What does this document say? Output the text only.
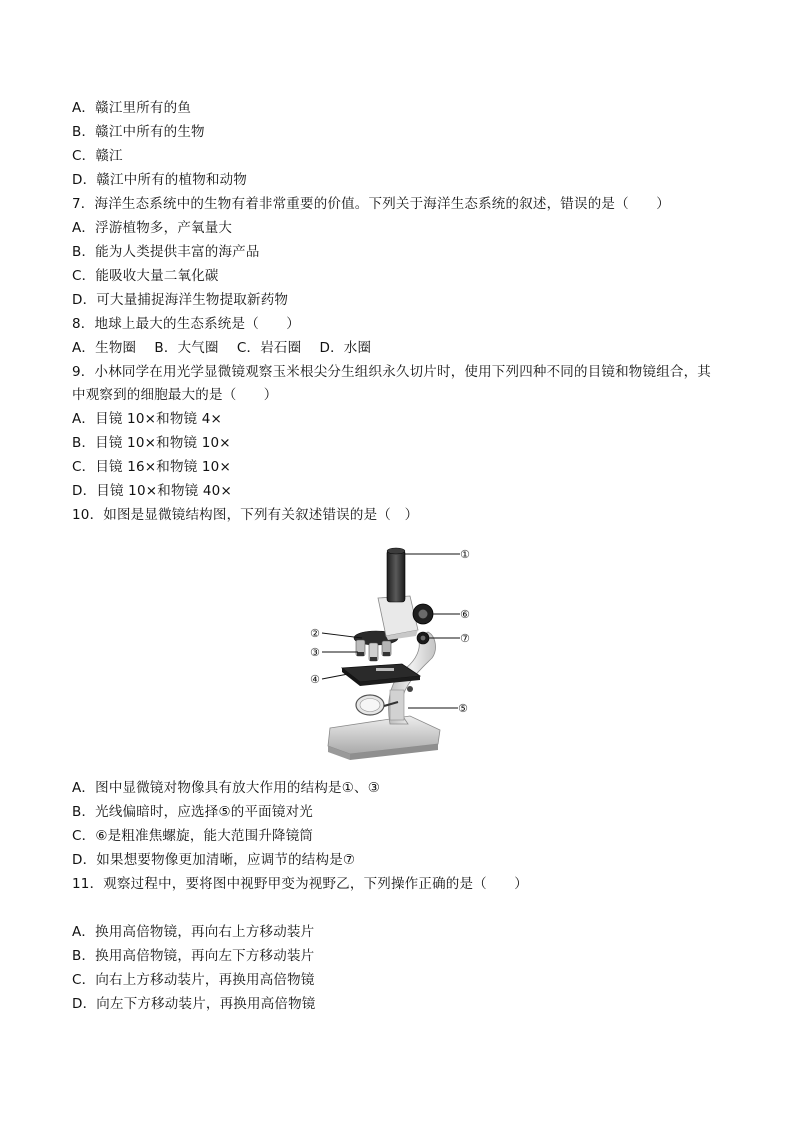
A．赣江里所有的鱼
B．赣江中所有的生物
C．赣江
D．赣江中所有的植物和动物
7．海洋生态系统中的生物有着非常重要的价值。下列关于海洋生态系统的叙述，错误的是（　　）
A．浮游植物多，产氧量大
B．能为人类提供丰富的海产品
C．能吸收大量二氧化碳
D．可大量捕捉海洋生物提取新药物
8．地球上最大的生态系统是（　　）
A．生物圈　 B．大气圈　 C．岩石圈　 D．水圈
9．小林同学在用光学显微镜观察玉米根尖分生组织永久切片时，使用下列四种不同的目镜和物镜组合，其
中观察到的细胞最大的是（　　）
A．目镜 10×和物镜 4×
B．目镜 10×和物镜 10×
C．目镜 16×和物镜 10×
D．目镜 10×和物镜 40×
10．如图是显微镜结构图，下列有关叙述错误的是（　）
①
②
③
④
⑤
⑥
⑦
A．图中显微镜对物像具有放大作用的结构是①、③
B．光线偏暗时，应选择⑤的平面镜对光
C．⑥是粗准焦螺旋，能大范围升降镜筒
D．如果想要物像更加清晰，应调节的结构是⑦
11．观察过程中，要将图中视野甲变为视野乙，下列操作正确的是（　　）
A．换用高倍物镜，再向右上方移动装片
B．换用高倍物镜，再向左下方移动装片
C．向右上方移动装片，再换用高倍物镜
D．向左下方移动装片，再换用高倍物镜
